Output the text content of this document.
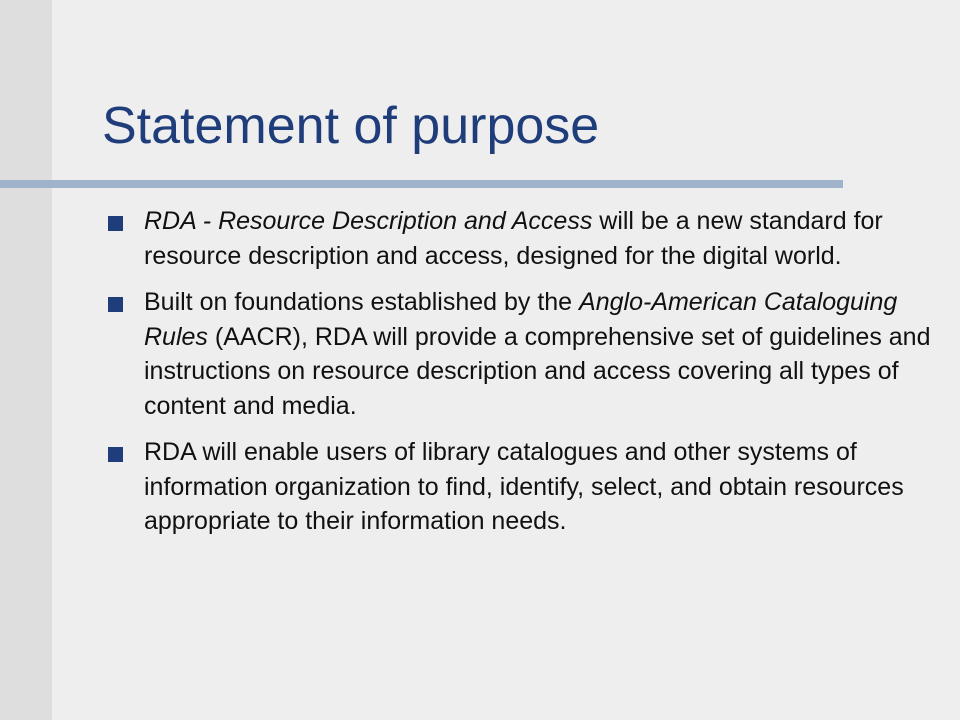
Statement of purpose
RDA - Resource Description and Access will be a new standard for resource description and access, designed for the digital world.
Built on foundations established by the Anglo-American Cataloguing Rules (AACR), RDA will provide a comprehensive set of guidelines and instructions on resource description and access covering all types of content and media.
RDA will enable users of library catalogues and other systems of information organization to find, identify, select, and obtain resources appropriate to their information needs.
